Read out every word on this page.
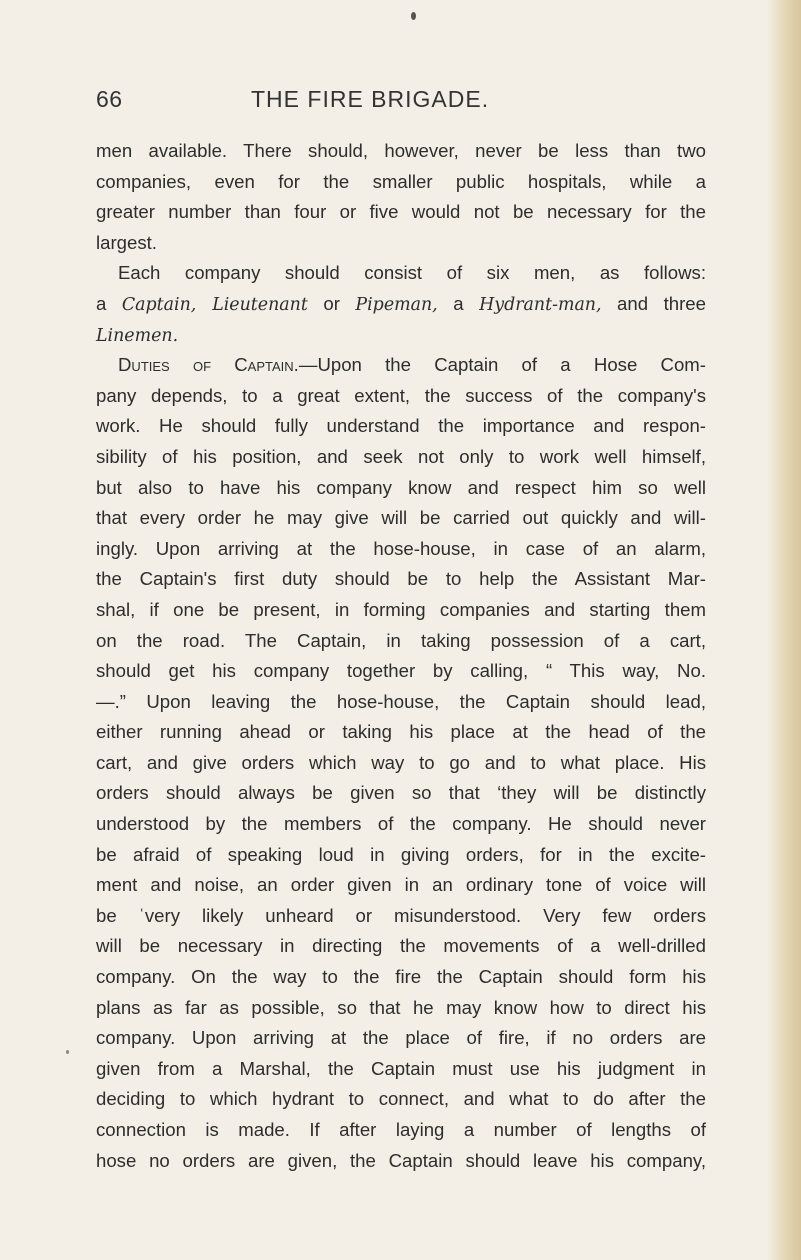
66	THE FIRE BRIGADE.
men available. There should, however, never be less than two
companies, even for the smaller public hospitals, while a
greater number than four or five would not be necessary for the
largest.
Each company should consist of six men, as follows:
a Captain, Lieutenant or Pipeman, a Hydrant-man, and three
Linemen.
Duties of Captain.—Upon the Captain of a Hose Com-
pany depends, to a great extent, the success of the company's
work. He should fully understand the importance and respon-
sibility of his position, and seek not only to work well himself,
but also to have his company know and respect him so well
that every order he may give will be carried out quickly and will-
ingly. Upon arriving at the hose-house, in case of an alarm,
the Captain's first duty should be to help the Assistant Mar-
shal, if one be present, in forming companies and starting them
on the road. The Captain, in taking possession of a cart,
should get his company together by calling, “ This way, No.
—.” Upon leaving the hose-house, the Captain should lead,
either running ahead or taking his place at the head of the
cart, and give orders which way to go and to what place. His
orders should always be given so that ‘they will be distinctly
understood by the members of the company. He should never
be afraid of speaking loud in giving orders, for in the excite-
ment and noise, an order given in an ordinary tone of voice will
be ˈvery likely unheard or misunderstood. Very few orders
will be necessary in directing the movements of a well-drilled
company. On the way to the fire the Captain should form his
plans as far as possible, so that he may know how to direct his
company. Upon arriving at the place of fire, if no orders are
given from a Marshal, the Captain must use his judgment in
deciding to which hydrant to connect, and what to do after the
connection is made. If after laying a number of lengths of
hose no orders are given, the Captain should leave his company,
